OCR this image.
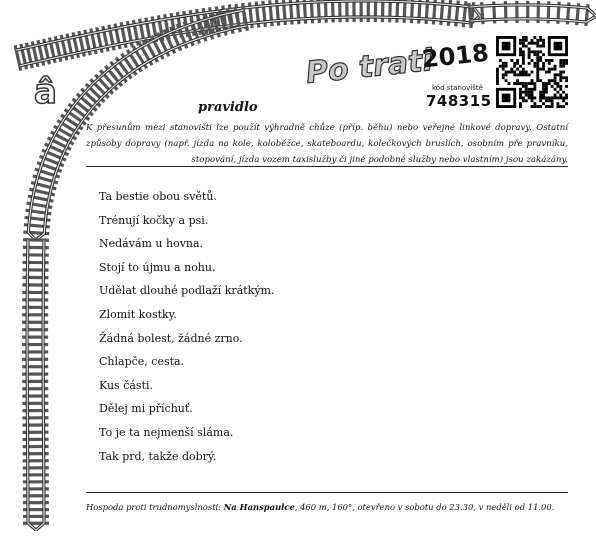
â
Po trati
2018
kód stanoviště
748315
pravidlo
K přesunům mezi stanovišti lze použít výhradně chůze (příp. běhu) nebo veřejné linkové dopravy. Ostatní způsoby dopravy (např. jízda na kole, koloběžce, skateboardu, kolečkových bruslích, osobním pře pravníku, stopování, jízda vozem taxislužby či jiné podobné služby nebo vlastním) jsou zakázány.
Ta bestie obou světů.
Trénují kočky a psi.
Nedávám u hovna.
Stojí to újmu a nohu.
Udělat dlouhé podlaží krátkým.
Zlomit kostky.
Žádná bolest, žádné zrno.
Chlapče, cesta.
Kus části.
Dělej mi příchuť.
To je ta nejmenší sláma.
Tak prd, takže dobrý.
Hospoda proti trudnomyslnosti: Na Hanspaulce, 460 m, 160°, otevřeno v sobotu do 23.30, v neděli od 11.00.
